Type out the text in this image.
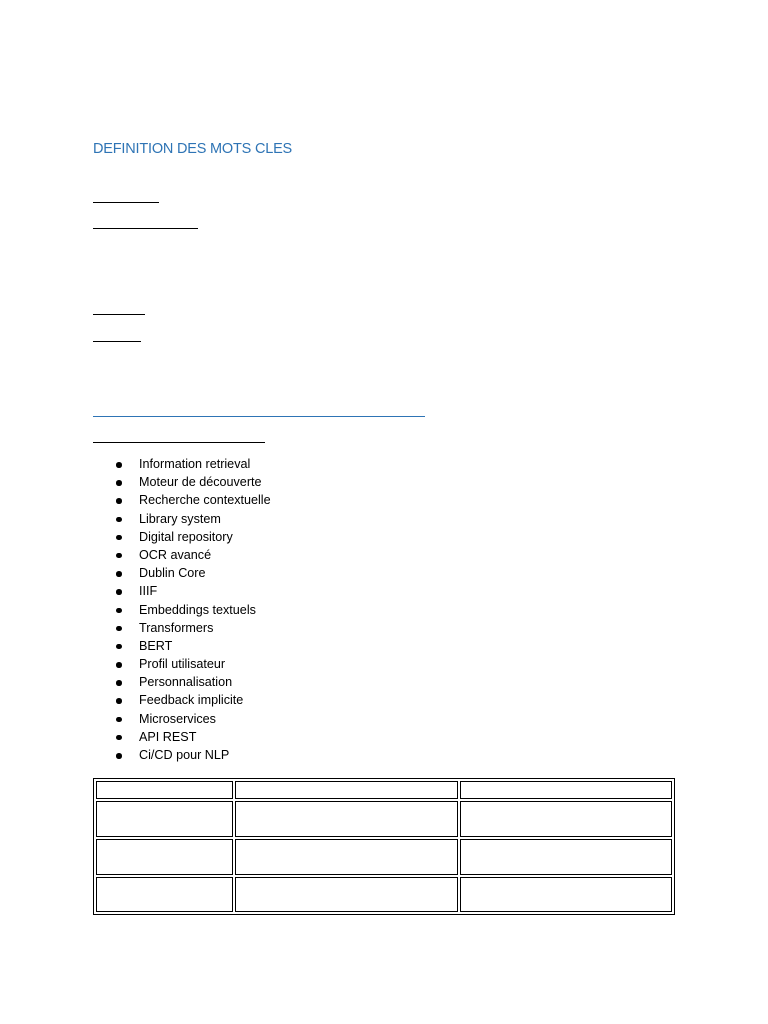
DEFINITION DES MOTS CLES
Information retrieval
Moteur de découverte
Recherche contextuelle
Library system
Digital repository
OCR avancé
Dublin Core
IIIF
Embeddings textuels
Transformers
BERT
Profil utilisateur
Personnalisation
Feedback implicite
Microservices
API REST
Ci/CD pour NLP
